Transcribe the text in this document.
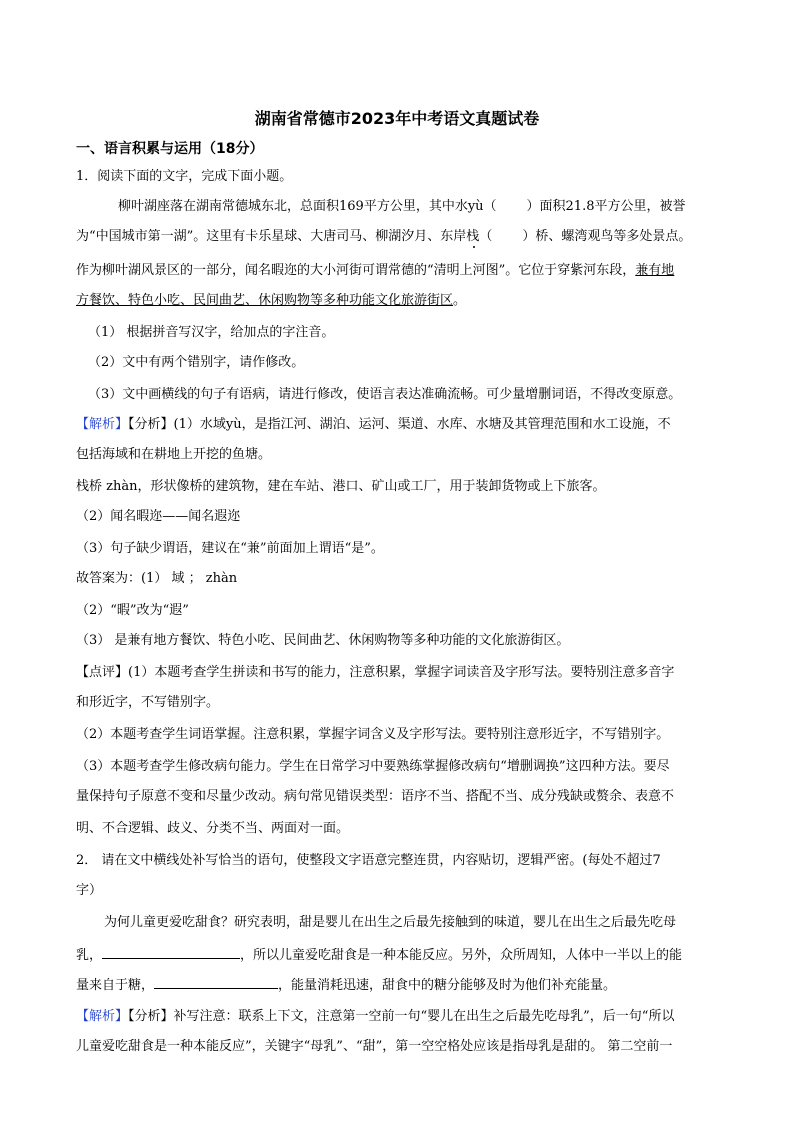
湖南省常德市2023年中考语文真题试卷
一、语言积累与运用（18分）
1．阅读下面的文字，完成下面小题。
柳叶湖座落在湖南常德城东北，总面积169平方公里，其中水yù（ ）面积21.8平方公里，被誉
为“中国城市第一湖”。这里有卡乐星球、大唐司马、柳湖汐月、东岸栈（ ）桥、螺湾观鸟等多处景点。
作为柳叶湖风景区的一部分，闻名暇迩的大小河街可谓常德的“清明上河图”。它位于穿紫河东段，兼有地
方餐饮、特色小吃、民间曲艺、休闲购物等多种功能文化旅游街区。
（1） 根据拼音写汉字，给加点的字注音。
（2）文中有两个错别字，请作修改。
（3）文中画横线的句子有语病，请进行修改，使语言表达准确流畅。可少量增删词语，不得改变原意。
【解析】【分析】(1）水域yù，是指江河、湖泊、运河、渠道、水库、水塘及其管理范围和水工设施，不
包括海域和在耕地上开挖的鱼塘。
栈桥 zhàn，形状像桥的建筑物，建在车站、港口、矿山或工厂，用于装卸货物或上下旅客。
（2）闻名暇迩——闻名遐迩
（3）句子缺少谓语，建议在“兼”前面加上谓语“是”。
故答案为：(1） 域 ； zhàn
（2）“暇”改为“遐”
（3） 是兼有地方餐饮、特色小吃、民间曲艺、休闲购物等多种功能的文化旅游街区。
【点评】(1）本题考查学生拼读和书写的能力，注意积累，掌握字词读音及字形写法。要特别注意多音字
和形近字，不写错别字。
（2）本题考查学生词语掌握。注意积累，掌握字词含义及字形写法。要特别注意形近字，不写错别字。
（3）本题考查学生修改病句能力。学生在日常学习中要熟练掌握修改病句“增删调换”这四种方法。要尽
量保持句子原意不变和尽量少改动。病句常见错误类型：语序不当、搭配不当、成分残缺或赘余、表意不
明、不合逻辑、歧义、分类不当、两面对一面。
2． 请在文中横线处补写恰当的语句，使整段文字语意完整连贯，内容贴切，逻辑严密。(每处不超过7
字）
为何儿童更爱吃甜食？研究表明，甜是婴儿在出生之后最先接触到的味道，婴儿在出生之后最先吃母
乳，	，所以儿童爱吃甜食是一种本能反应。另外，众所周知，人体中一半以上的能
量来自于糖，	，能量消耗迅速，甜食中的糖分能够及时为他们补充能量。
【解析】【分析】补写注意：联系上下文，注意第一空前一句“婴儿在出生之后最先吃母乳”，后一句“所以
儿童爱吃甜食是一种本能反应”，关键字“母乳”、“甜”，第一空空格处应该是指母乳是甜的。 第二空前一
